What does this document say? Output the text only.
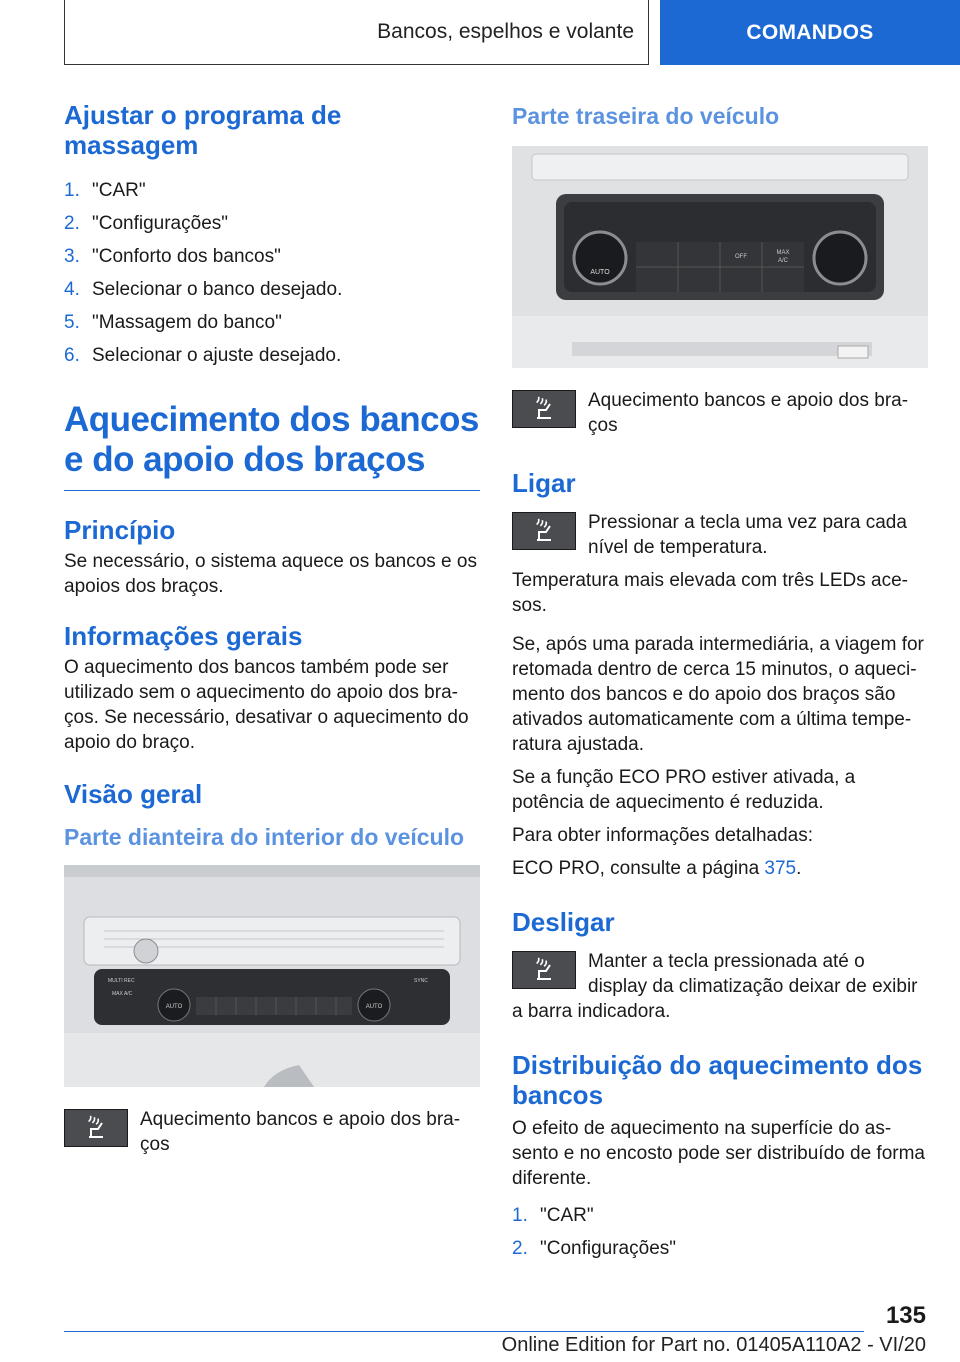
Bancos, espelhos e volante	COMANDOS
Ajustar o programa de massagem
1. "CAR"
2. "Configurações"
3. "Conforto dos bancos"
4. Selecionar o banco desejado.
5. "Massagem do banco"
6. Selecionar o ajuste desejado.
Aquecimento dos bancos e do apoio dos braços
Princípio

Se necessário, o sistema aquece os bancos e os apoios dos braços.

Informações gerais

O aquecimento dos bancos também pode ser utilizado sem o aquecimento do apoio dos braços. Se necessário, desativar o aquecimento do apoio do braço.

Visão geral
Parte dianteira do interior do veículo
AUTO	AUTO
MULTI REC
MAX A/C
SYNC

Aquecimento bancos e apoio dos braços

Parte traseira do veículo
AUTO
OFF
MAX
A/C

Aquecimento bancos e apoio dos braços

Ligar

Pressionar a tecla uma vez para cada nível de temperatura.

Temperatura mais elevada com três LEDs acesos.

Se, após uma parada intermediária, a viagem for retomada dentro de cerca 15 minutos, o aquecimento dos bancos e do apoio dos braços são ativados automaticamente com a última temperatura ajustada.

Se a função ECO PRO estiver ativada, a potência de aquecimento é reduzida.

Para obter informações detalhadas:

ECO PRO, consulte a página 375.

Desligar

Manter a tecla pressionada até o display da climatização deixar de exibir a barra indicadora.

Distribuição do aquecimento dos bancos

O efeito de aquecimento na superfície do assento e no encosto pode ser distribuído de forma diferente.

1. "CAR"
2. "Configurações"
135
Online Edition for Part no. 01405A110A2 - VI/20
